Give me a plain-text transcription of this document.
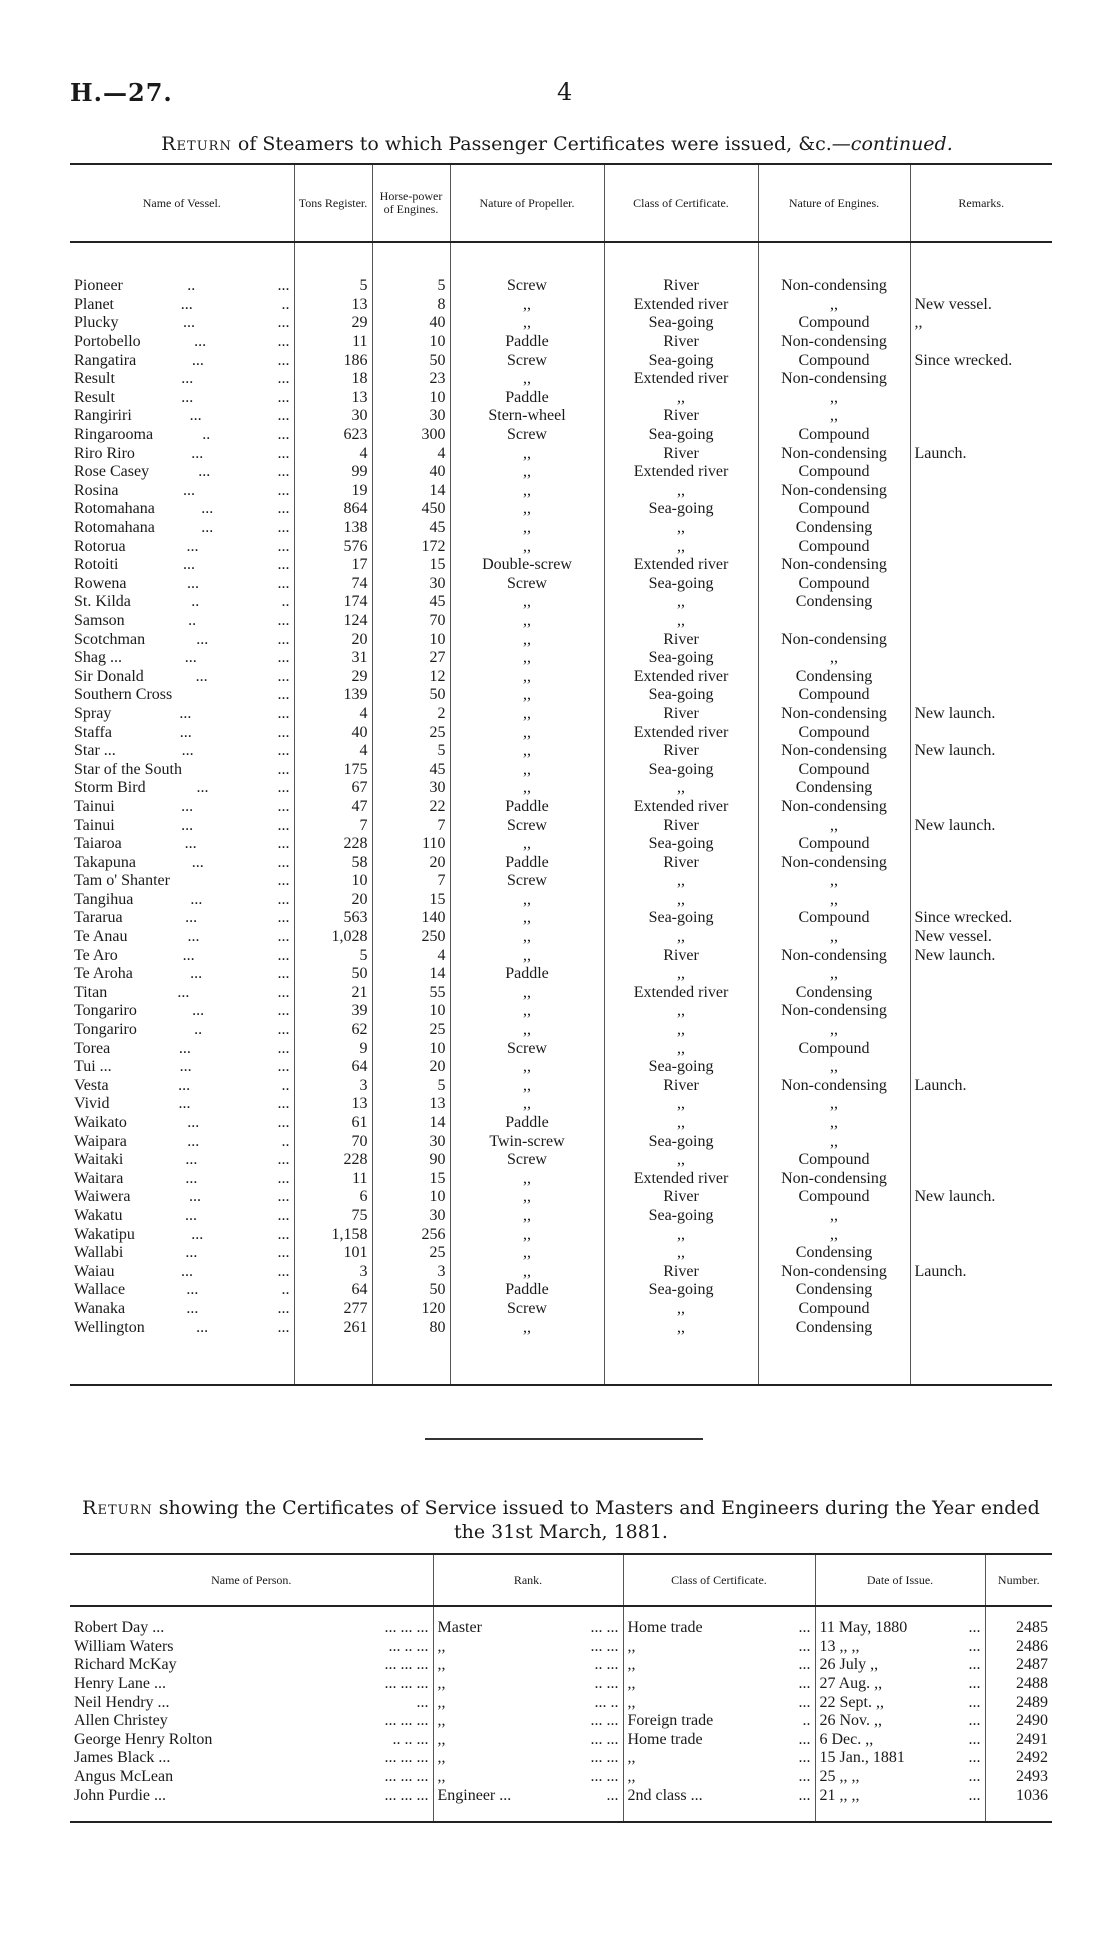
H.—27.	4
Return of Steamers to which Passenger Certificates were issued, &c.—continued.
Name of Vessel.	Tons Register.	Horse-power of Engines.	Nature of Propeller.	Class of Certificate.	Nature of Engines.	Remarks.

Pioneer .. ...	5	5	Screw	River	Non-condensing	

Planet ... ..	13	8	,,	Extended river	,,	New vessel.

Plucky ... ...	29	40	,,	Sea-going	Compound	,,

Portobello ... ...	11	10	Paddle	River	Non-condensing	

Rangatira ... ...	186	50	Screw	Sea-going	Compound	Since wrecked.

Result ... ...	18	23	,,	Extended river	Non-condensing	

Result ... ...	13	10	Paddle	,,	,,	

Rangiriri ... ...	30	30	Stern-wheel	River	,,	

Ringarooma .. ...	623	300	Screw	Sea-going	Compound	

Riro Riro ... ...	4	4	,,	River	Non-condensing	Launch.

Rose Casey ... ...	99	40	,,	Extended river	Compound	

Rosina ... ...	19	14	,,	,,	Non-condensing	

Rotomahana ... ...	864	450	,,	Sea-going	Compound	

Rotomahana ... ...	138	45	,,	,,	Condensing	

Rotorua ... ...	576	172	,,	,,	Compound	

Rotoiti ... ...	17	15	Double-screw	Extended river	Non-condensing	

Rowena ... ...	74	30	Screw	Sea-going	Compound	

St. Kilda .. ..	174	45	,,	,,	Condensing	

Samson .. ...	124	70	,,	,,		

Scotchman ... ...	20	10	,,	River	Non-condensing	

Shag ... ... ...	31	27	,,	Sea-going	,,	

Sir Donald ... ...	29	12	,,	Extended river	Condensing	

Southern Cross ...	139	50	,,	Sea-going	Compound	

Spray ... ...	4	2	,,	River	Non-condensing	New launch.

Staffa ... ...	40	25	,,	Extended river	Compound	

Star ... ... ...	4	5	,,	River	Non-condensing	New launch.

Star of the South ...	175	45	,,	Sea-going	Compound	

Storm Bird ... ...	67	30	,,	,,	Condensing	

Tainui ... ...	47	22	Paddle	Extended river	Non-condensing	

Tainui ... ...	7	7	Screw	River	,,	New launch.

Taiaroa ... ...	228	110	,,	Sea-going	Compound	

Takapuna ... ...	58	20	Paddle	River	Non-condensing	

Tam o' Shanter ...	10	7	Screw	,,	,,	

Tangihua ... ...	20	15	,,	,,	,,	

Tararua ... ...	563	140	,,	Sea-going	Compound	Since wrecked.

Te Anau ... ...	1,028	250	,,	,,	,,	New vessel.

Te Aro ... ...	5	4	,,	River	Non-condensing	New launch.

Te Aroha ... ...	50	14	Paddle	,,	,,	

Titan ... ...	21	55	,,	Extended river	Condensing	

Tongariro ... ...	39	10	,,	,,	Non-condensing	

Tongariro .. ...	62	25	,,	,,	,,	

Torea ... ...	9	10	Screw	,,	Compound	

Tui ... ... ...	64	20	,,	Sea-going	,,	

Vesta ... ..	3	5	,,	River	Non-condensing	Launch.

Vivid ... ...	13	13	,,	,,	,,	

Waikato ... ...	61	14	Paddle	,,	,,	

Waipara ... ..	70	30	Twin-screw	Sea-going	,,	

Waitaki ... ...	228	90	Screw	,,	Compound	

Waitara ... ...	11	15	,,	Extended river	Non-condensing	

Waiwera ... ...	6	10	,,	River	Compound	New launch.

Wakatu ... ...	75	30	,,	Sea-going	,,	

Wakatipu ... ...	1,158	256	,,	,,	,,	

Wallabi ... ...	101	25	,,	,,	Condensing	

Waiau ... ...	3	3	,,	River	Non-condensing	Launch.

Wallace ... ..	64	50	Paddle	Sea-going	Condensing	

Wanaka ... ...	277	120	Screw	,,	Compound	

Wellington ... ...	261	80	,,	,,	Condensing	

Return showing the Certificates of Service issued to Masters and Engineers during the Year ended the 31st March, 1881.
Name of Person.	Rank.	Class of Certificate.	Date of Issue.	Number.

Robert Day ... ... ... ...	Master ... ...	Home trade ...	11 May, 1880 ...	2485

William Waters ... .. ...	,, ... ...	,, ...	13 ,, ,, ...	2486

Richard McKay ... ... ...	,, .. ...	,, ...	26 July ,, ...	2487

Henry Lane ... ... ... ...	,, .. ...	,, ...	27 Aug. ,, ...	2488

Neil Hendry ... ...	,, ... ..	,, ...	22 Sept. ,, ...	2489

Allen Christey ... ... ...	,, ... ...	Foreign trade ..	26 Nov. ,, ...	2490

George Henry Rolton .. .. ...	,, ... ...	Home trade ...	6 Dec. ,, ...	2491

James Black ... ... ... ...	,, ... ...	,, ...	15 Jan., 1881 ...	2492

Angus McLean ... ... ...	,, ... ...	,, ...	25 ,, ,, ...	2493

John Purdie ... ... ... ...	Engineer ... ...	2nd class ... ...	21 ,, ,, ...	1036
